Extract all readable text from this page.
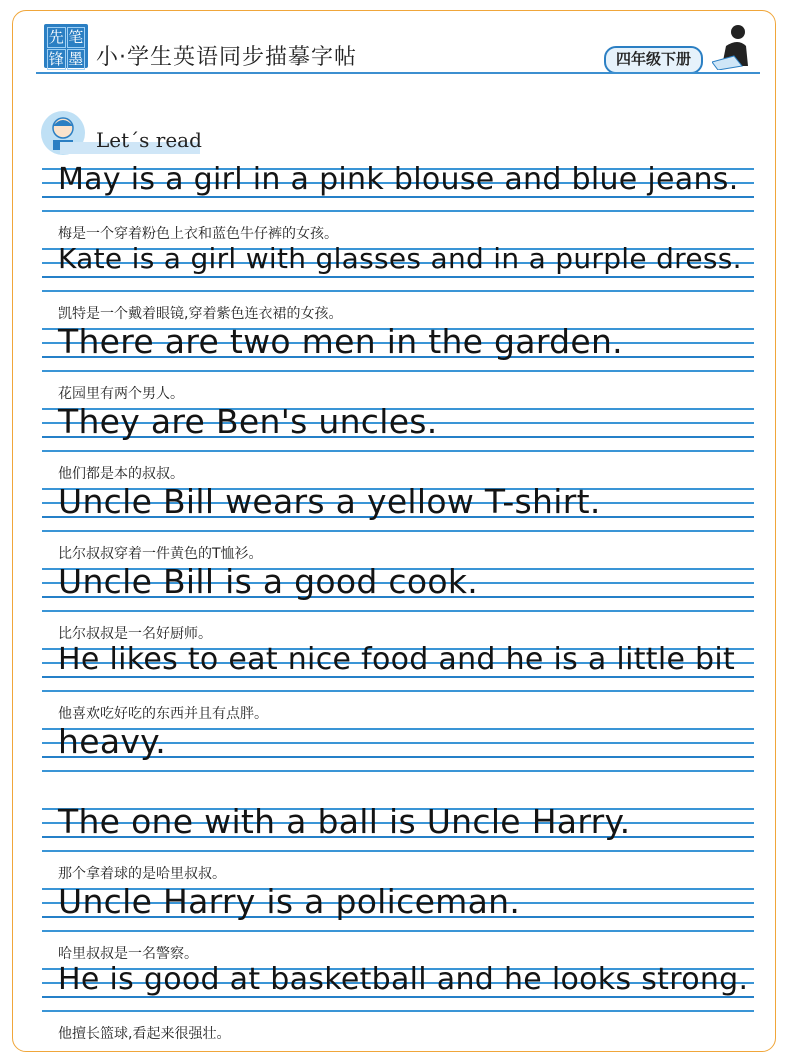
先 笔
锋 墨 小·学生英语同步描摹字帖	四年级下册
Let´s read
May is a girl in a pink blouse and blue jeans.
梅是一个穿着粉色上衣和蓝色牛仔裤的女孩。
Kate is a girl with glasses and in a purple dress.
凯特是一个戴着眼镜,穿着紫色连衣裙的女孩。
There are two men in the garden.
花园里有两个男人。
They are Ben's uncles.
他们都是本的叔叔。
Uncle Bill wears a yellow T-shirt.
比尔叔叔穿着一件黄色的T恤衫。
Uncle Bill is a good cook.
比尔叔叔是一名好厨师。
He likes to eat nice food and he is a little bit
他喜欢吃好吃的东西并且有点胖。
heavy.
The one with a ball is Uncle Harry.
那个拿着球的是哈里叔叔。
Uncle Harry is a policeman.
哈里叔叔是一名警察。
He is good at basketball and he looks strong.
他擅长篮球,看起来很强壮。
